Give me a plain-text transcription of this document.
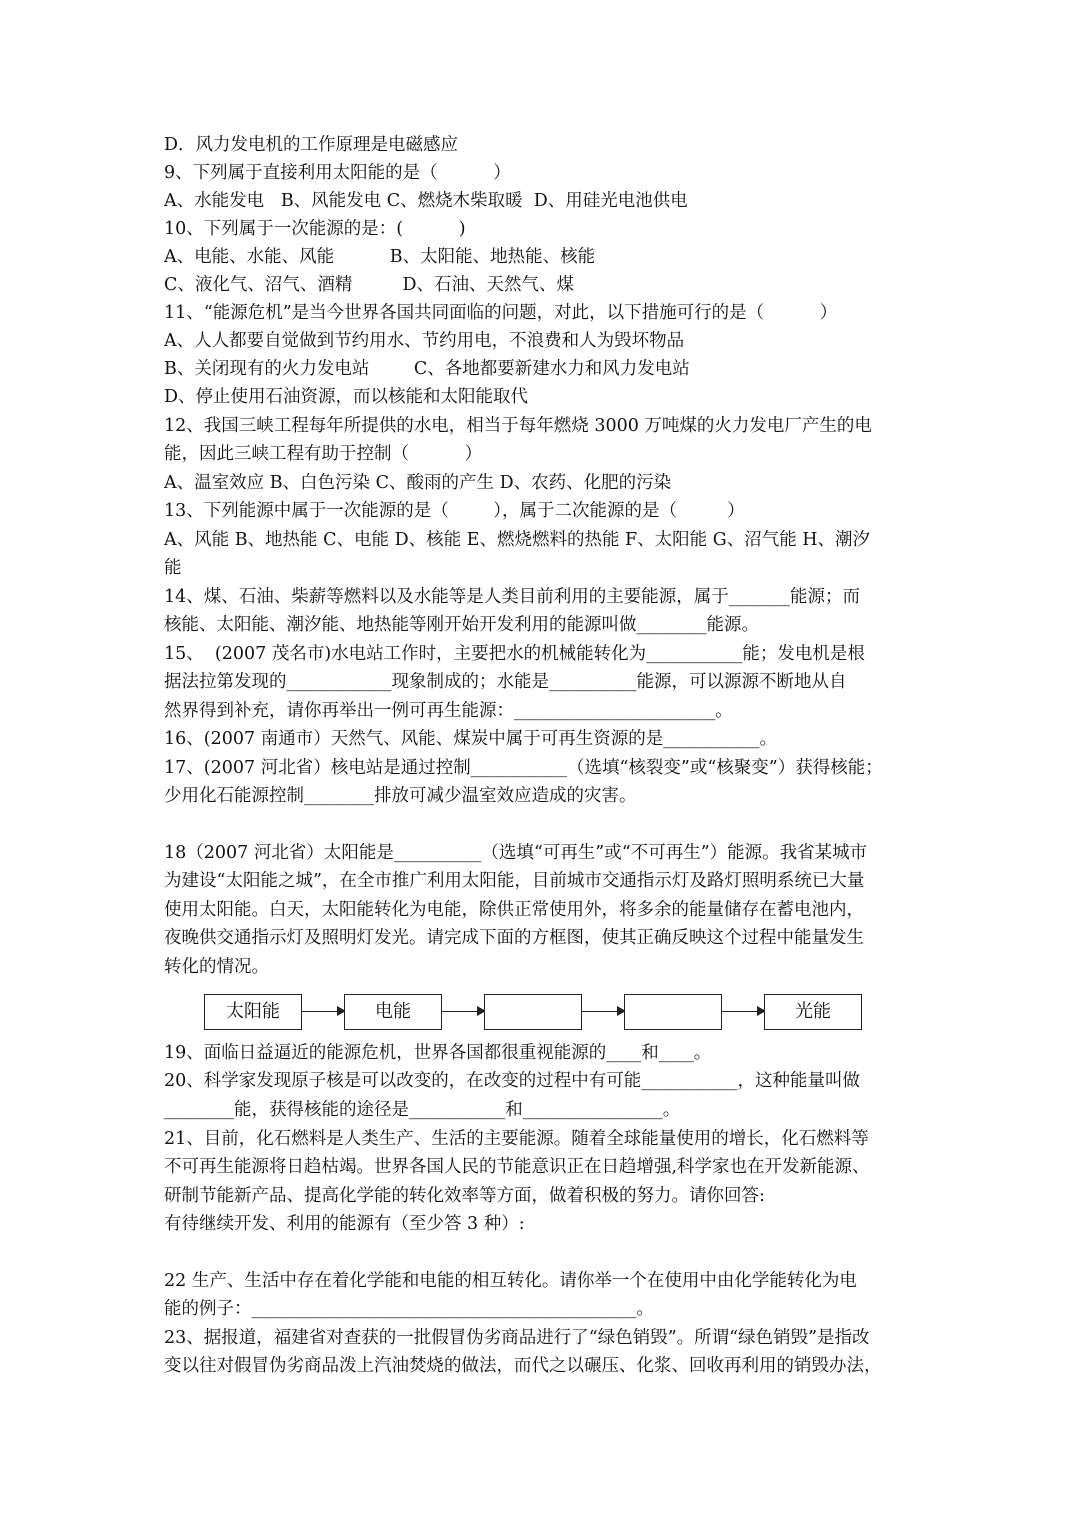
D．风力发电机的工作原理是电磁感应
9、下列属于直接利用太阳能的是（          ）
A、水能发电   B、风能发电 C、燃烧木柴取暖  D、用硅光电池供电
10、下列属于一次能源的是：(          )
A、电能、水能、风能          B、太阳能、地热能、核能
C、液化气、沼气、酒精         D、石油、天然气、煤
11、“能源危机”是当今世界各国共同面临的问题，对此，以下措施可行的是（          ）
A、人人都要自觉做到节约用水、节约用电，不浪费和人为毁坏物品
B、关闭现有的火力发电站        C、各地都要新建水力和风力发电站
D、停止使用石油资源，而以核能和太阳能取代
12、我国三峡工程每年所提供的水电，相当于每年燃烧 3000 万吨煤的火力发电厂产生的电
能，因此三峡工程有助于控制（          ）
A、温室效应 B、白色污染 C、酸雨的产生 D、农药、化肥的污染
13、下列能源中属于一次能源的是（        ），属于二次能源的是（         ）
A、风能 B、地热能 C、电能 D、核能 E、燃烧燃料的热能 F、太阳能 G、沼气能 H、潮汐
能
14、煤、石油、柴薪等燃料以及水能等是人类目前利用的主要能源，属于_______能源；而
核能、太阳能、潮汐能、地热能等刚开始开发利用的能源叫做________能源。
15、  (2007 茂名市)水电站工作时，主要把水的机械能转化为___________能；发电机是根
据法拉第发现的____________现象制成的；水能是__________能源，可以源源不断地从自
然界得到补充，请你再举出一例可再生能源：_______________________。
16、(2007 南通市）天然气、风能、煤炭中属于可再生资源的是___________。
17、(2007 河北省）核电站是通过控制___________（选填“核裂变”或“核聚变”）获得核能；
少用化石能源控制________排放可减少温室效应造成的灾害。
18（2007 河北省）太阳能是__________（选填“可再生”或“不可再生”）能源。我省某城市
为建设“太阳能之城”，在全市推广利用太阳能，目前城市交通指示灯及路灯照明系统已大量
使用太阳能。白天，太阳能转化为电能，除供正常使用外，将多余的能量储存在蓄电池内，
夜晚供交通指示灯及照明灯发光。请完成下面的方框图，使其正确反映这个过程中能量发生
转化的情况。
太阳能	电能	光能
19、面临日益逼近的能源危机，世界各国都很重视能源的____和____。
20、科学家发现原子核是可以改变的，在改变的过程中有可能___________，这种能量叫做
________能，获得核能的途径是___________和________________。
21、目前，化石燃料是人类生产、生活的主要能源。随着全球能量使用的增长，化石燃料等
不可再生能源将日趋枯竭。世界各国人民的节能意识正在日趋增强,科学家也在开发新能源、
研制节能新产品、提高化学能的转化效率等方面，做着积极的努力。请你回答:
有待继续开发、利用的能源有（至少答 3 种）:
22 生产、生活中存在着化学能和电能的相互转化。请你举一个在使用中由化学能转化为电
能的例子：____________________________________________。
23、据报道，福建省对查获的一批假冒伪劣商品进行了“绿色销毁”。所谓“绿色销毁”是指改
变以往对假冒伪劣商品泼上汽油焚烧的做法，而代之以碾压、化浆、回收再利用的销毁办法，
